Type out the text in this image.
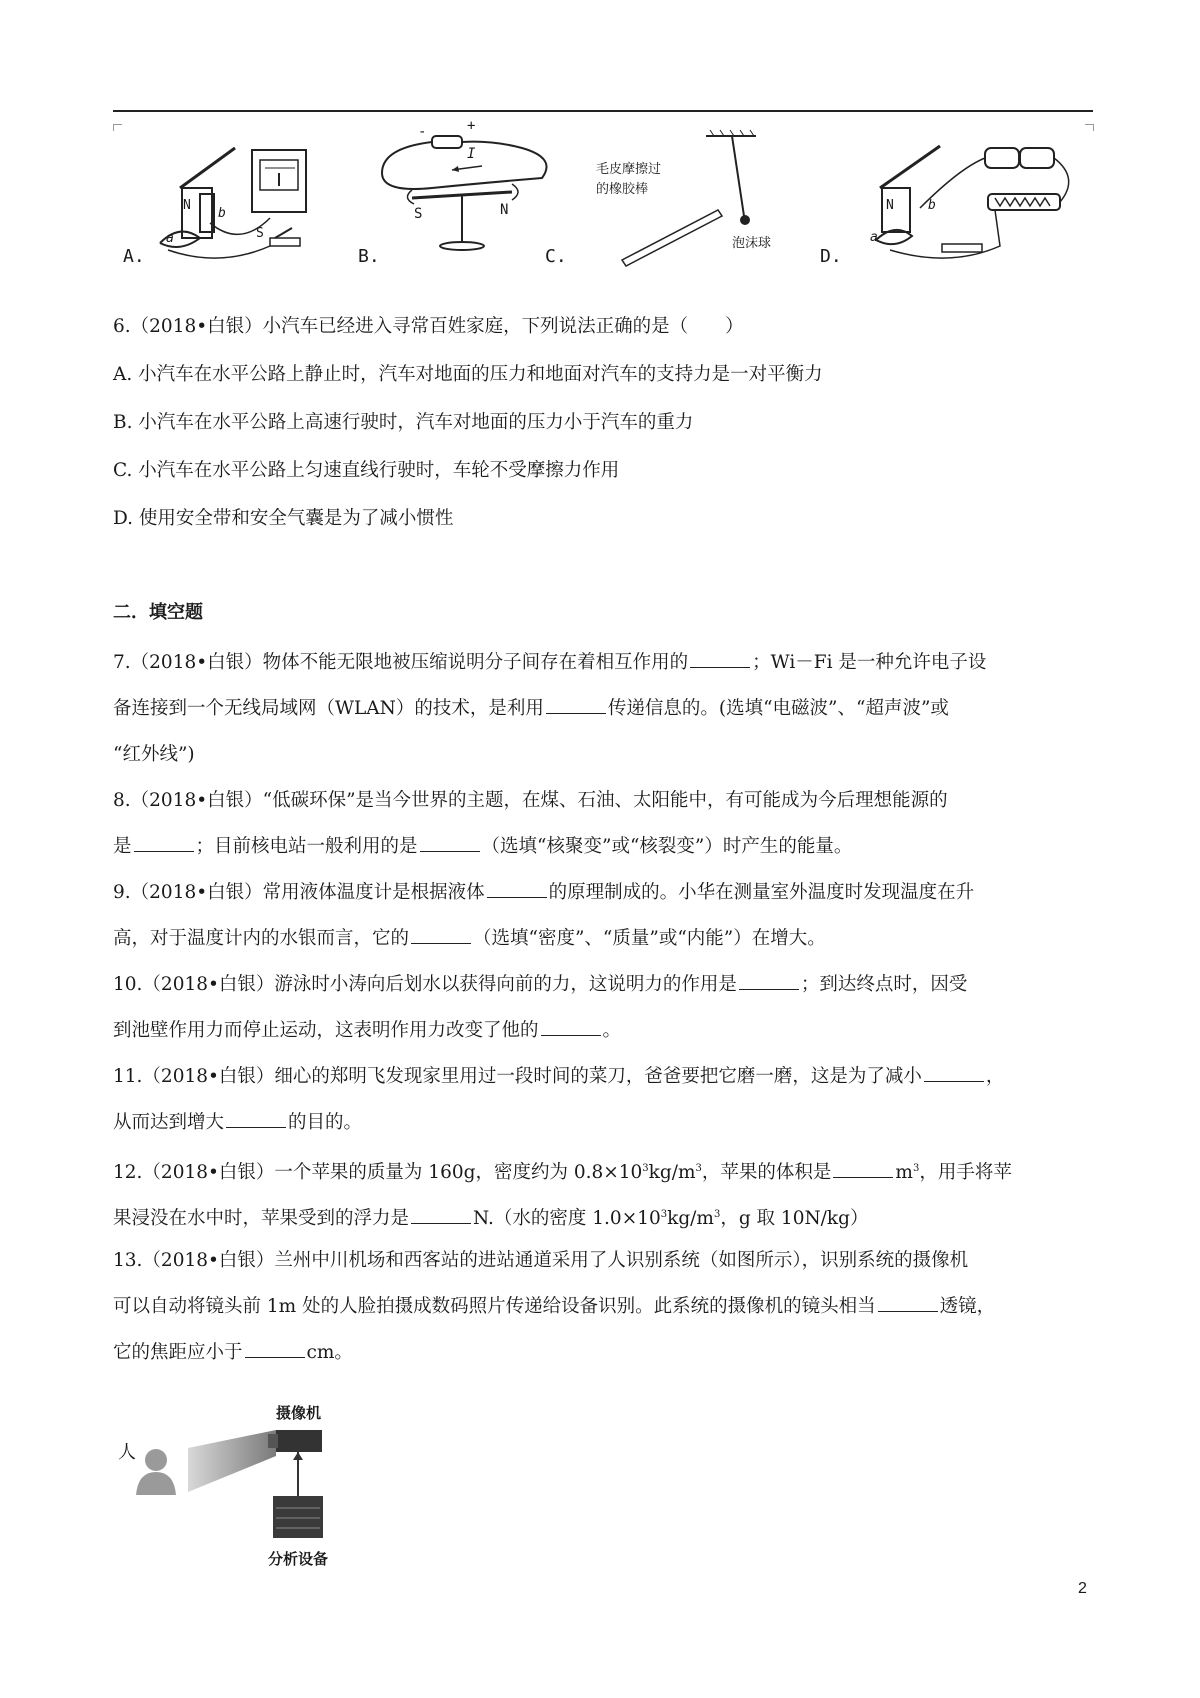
A.
N
b
a	S
B.
I
S	N
-	+
C.
毛皮摩擦过
的橡胶棒
泡沫球
D.
N	b
a
6.（2018•白银）小汽车已经进入寻常百姓家庭，下列说法正确的是（　　）
A. 小汽车在水平公路上静止时，汽车对地面的压力和地面对汽车的支持力是一对平衡力
B. 小汽车在水平公路上高速行驶时，汽车对地面的压力小于汽车的重力
C. 小汽车在水平公路上匀速直线行驶时，车轮不受摩擦力作用
D. 使用安全带和安全气囊是为了减小惯性
二．填空题
7.（2018•白银）物体不能无限地被压缩说明分子间存在着相互作用的	；Wi－Fi 是一种允许电子设
备连接到一个无线局域网（WLAN）的技术，是利用	传递信息的。(选填“电磁波”、“超声波”或
“红外线”)
8.（2018•白银）“低碳环保”是当今世界的主题，在煤、石油、太阳能中，有可能成为今后理想能源的
是	；目前核电站一般利用的是	（选填“核聚变”或“核裂变”）时产生的能量。
9.（2018•白银）常用液体温度计是根据液体	的原理制成的。小华在测量室外温度时发现温度在升
高，对于温度计内的水银而言，它的	（选填“密度”、“质量”或“内能”）在增大。
10.（2018•白银）游泳时小涛向后划水以获得向前的力，这说明力的作用是	；到达终点时，因受
到池壁作用力而停止运动，这表明作用力改变了他的	。
11.（2018•白银）细心的郑明飞发现家里用过一段时间的菜刀，爸爸要把它磨一磨，这是为了减小	，
从而达到增大	的目的。
12.（2018•白银）一个苹果的质量为 160g，密度约为 $0.8\times 10^3kg/m^3$，苹果的体积是	$m^3$，用手将苹
果浸没在水中时，苹果受到的浮力是	N.（水的密度 $1.0\times 10^3kg/m^3$，g 取 10N/kg）
13.（2018•白银）兰州中川机场和西客站的进站通道采用了人识别系统（如图所示），识别系统的摄像机
可以自动将镜头前 1m 处的人脸拍摄成数码照片传递给设备识别。此系统的摄像机的镜头相当	透镜，
它的焦距应小于	cm。
摄像机
人
分析设备
2
